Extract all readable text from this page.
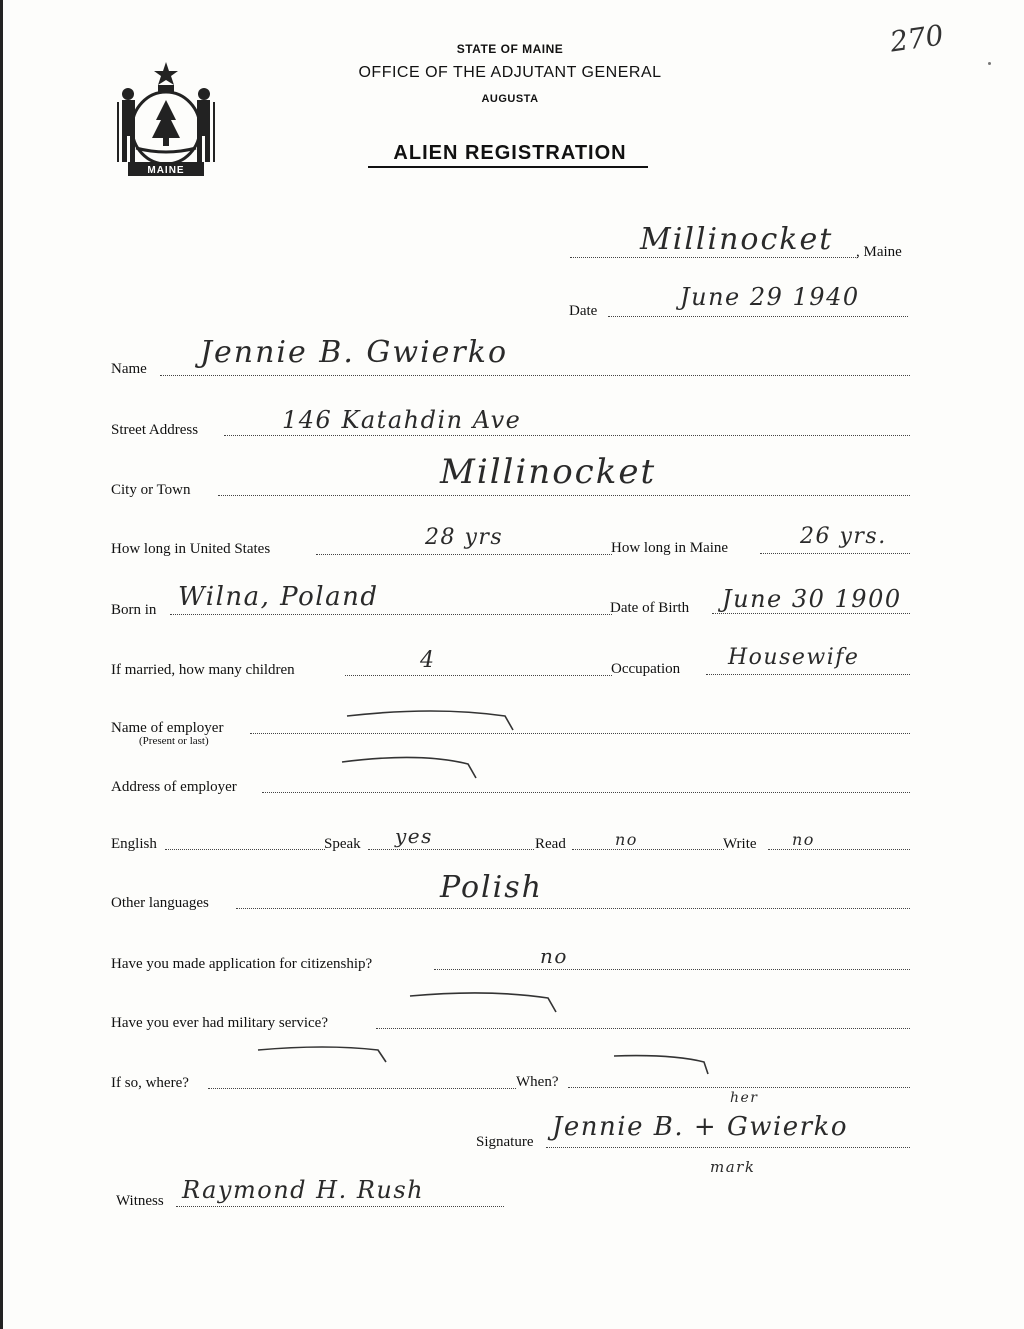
270
MAINE
STATE OF MAINE
OFFICE OF THE ADJUTANT GENERAL
AUGUSTA
ALIEN REGISTRATION
Millinocket , Maine
Date	June 29 1940
Name Jennie B. Gwierko
Street Address	146 Katahdin Ave
City or Town	Millinocket
How long in United States	28 yrs	How long in Maine	26 yrs.
Born in Wilna, Poland	Date of Birth June 30 1900
If married, how many children	4	Occupation Housewife
Name of employer
(Present or last)
Address of employer
English	Speak yes	Read	no	Write no
Other languages	Polish
Have you made application for citizenship?	no
Have you ever had military service?
If so, where?	When?
her
Signature Jennie B. + Gwierko
mark
Witness Raymond H. Rush
